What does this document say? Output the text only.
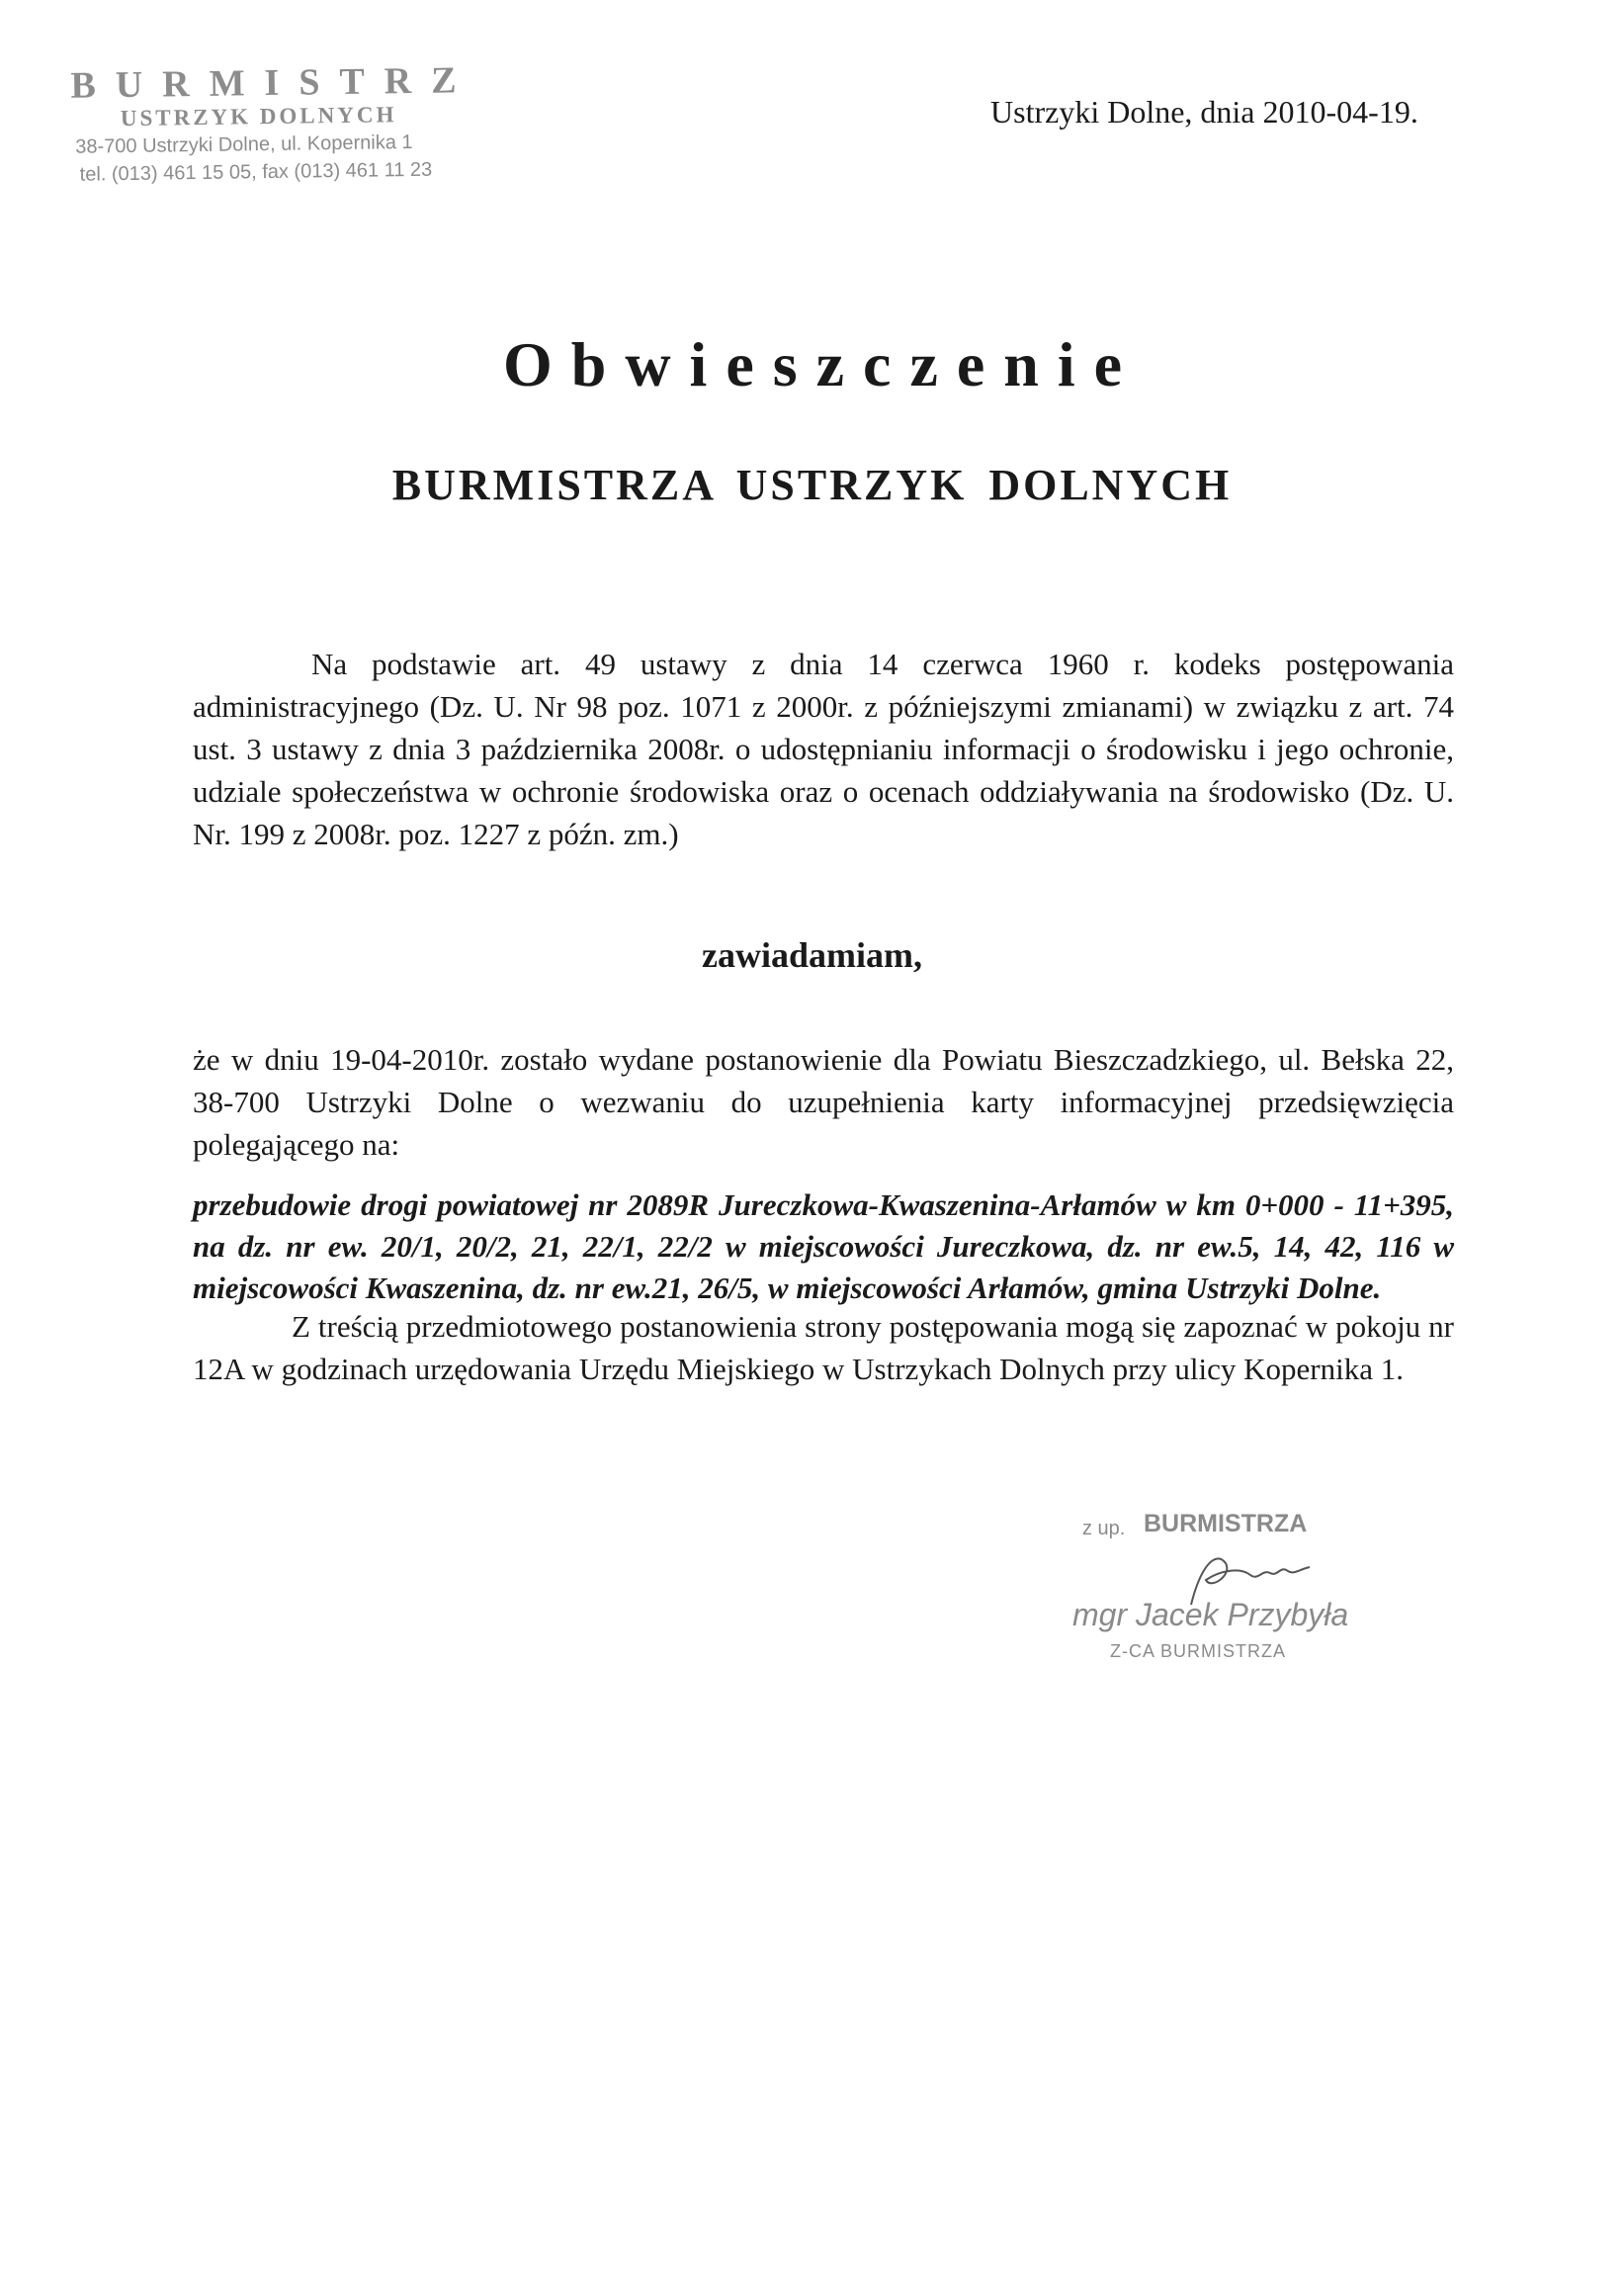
BURMISTRZ
USTRZYK DOLNYCH
38-700 Ustrzyki Dolne, ul. Kopernika 1
tel. (013) 461 15 05, fax (013) 461 11 23
Ustrzyki Dolne, dnia 2010-04-19.
Obwieszczenie
BURMISTRZA USTRZYK DOLNYCH
Na podstawie art. 49 ustawy z dnia 14 czerwca 1960 r. kodeks postępowania administracyjnego (Dz. U. Nr 98 poz. 1071 z 2000r. z późniejszymi zmianami) w związku z art. 74 ust. 3 ustawy z dnia 3 października 2008r. o udostępnianiu informacji o środowisku i jego ochronie, udziale społeczeństwa w ochronie środowiska oraz o ocenach oddziaływania na środowisko (Dz. U. Nr. 199 z 2008r. poz. 1227 z późn. zm.)
zawiadamiam,
że w dniu 19-04-2010r. zostało wydane postanowienie dla Powiatu Bieszczadzkiego, ul. Bełska 22, 38-700 Ustrzyki Dolne o wezwaniu do uzupełnienia karty informacyjnej przedsięwzięcia polegającego na:
przebudowie drogi powiatowej nr 2089R Jureczkowa-Kwaszenina-Arłamów w km 0+000 - 11+395, na dz. nr ew. 20/1, 20/2, 21, 22/1, 22/2 w miejscowości Jureczkowa, dz. nr ew.5, 14, 42, 116 w miejscowości Kwaszenina, dz. nr ew.21, 26/5, w miejscowości Arłamów, gmina Ustrzyki Dolne.
Z treścią przedmiotowego postanowienia strony postępowania mogą się zapoznać w pokoju nr 12A w godzinach urzędowania Urzędu Miejskiego w Ustrzykach Dolnych przy ulicy Kopernika 1.
z up. BURMISTRZA
mgr Jacek Przybyła
Z-CA BURMISTRZA
